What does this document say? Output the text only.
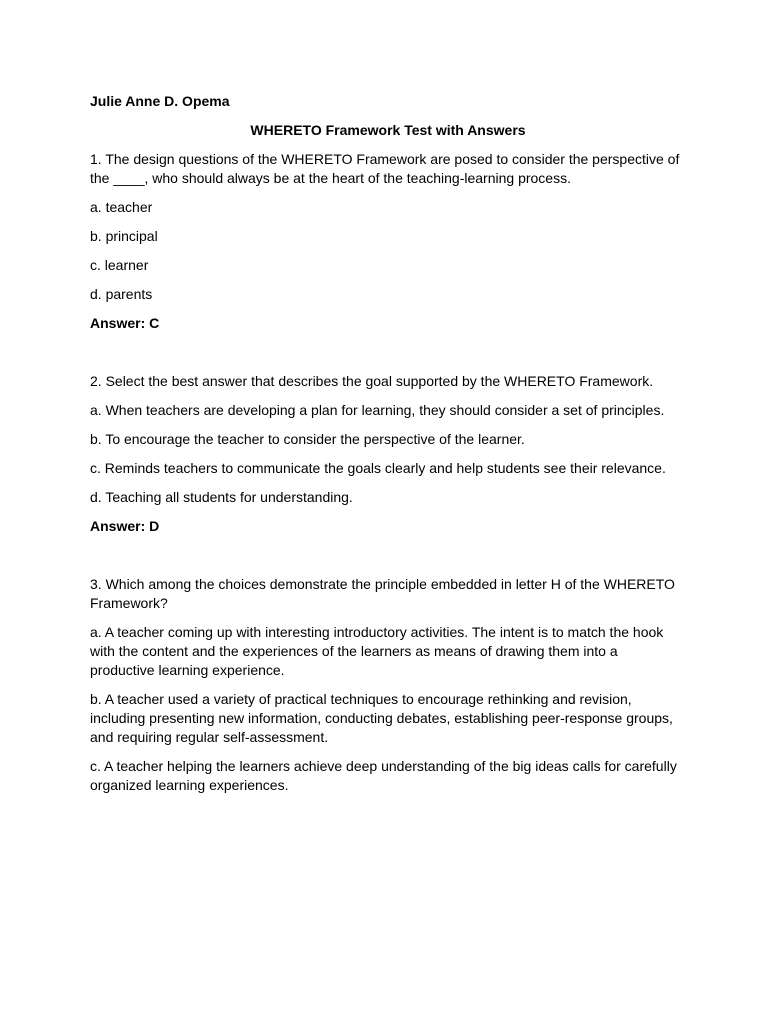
Julie Anne D. Opema

WHERETO Framework Test with Answers

1. The design questions of the WHERETO Framework are posed to consider the perspective of the ____, who should always be at the heart of the teaching-learning process.

a. teacher

b. principal

c. learner

d. parents

Answer: C

2. Select the best answer that describes the goal supported by the WHERETO Framework.

a. When teachers are developing a plan for learning, they should consider a set of principles.

b. To encourage the teacher to consider the perspective of the learner.

c. Reminds teachers to communicate the goals clearly and help students see their relevance.

d. Teaching all students for understanding.

Answer: D

3. Which among the choices demonstrate the principle embedded in letter H of the WHERETO Framework?

a. A teacher coming up with interesting introductory activities. The intent is to match the hook with the content and the experiences of the learners as means of drawing them into a productive learning experience.

b. A teacher used a variety of practical techniques to encourage rethinking and revision, including presenting new information, conducting debates, establishing peer-response groups, and requiring regular self-assessment.

c. A teacher helping the learners achieve deep understanding of the big ideas calls for carefully organized learning experiences.
